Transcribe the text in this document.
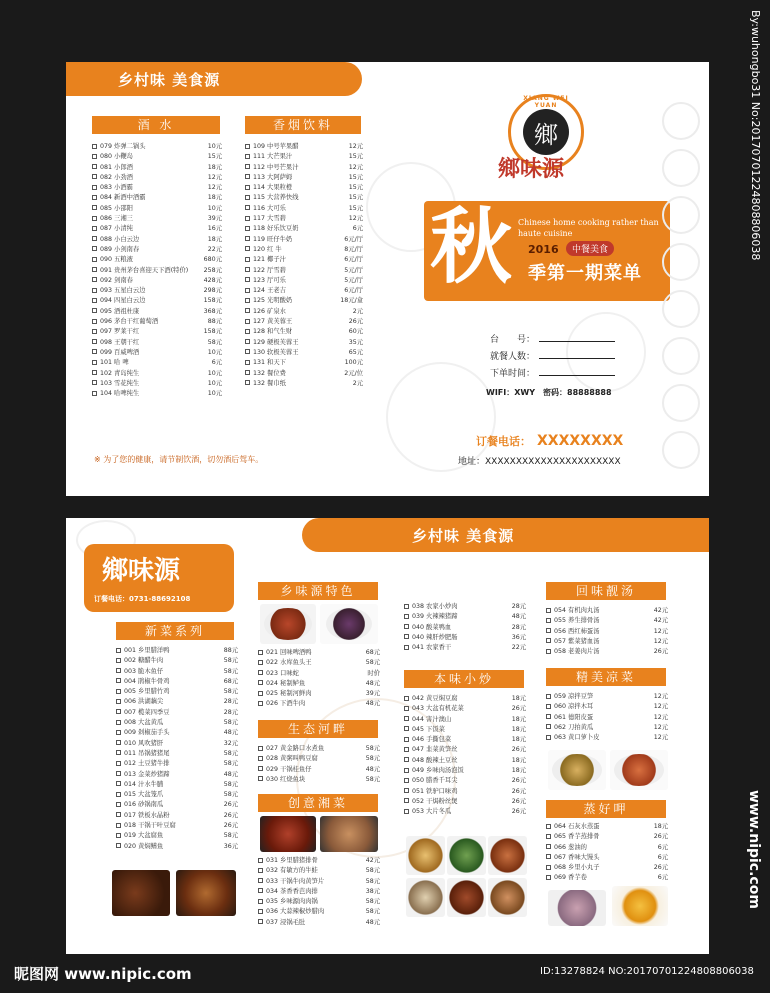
乡村味 美食源
酒 水
079 炸弹二锅头	10元
080 小鞭岛	15元
081 小郎酒	18元
082 小劲酒	12元
083 小酒霸	12元
084 新酒中酒霸	18元
085 小邵阳	10元
086 三湘三	39元
087 小清纯	16元
088 小白云边	18元
089 小剑南春	22元
090 五粮液	680元
091 贵州茅台喜迎天下酒(特价)	258元
092 剑南春	428元
093 五星白云边	298元
094 四星白云边	158元
095 酒祖杜康	368元
096 茅台干红葡萄酒	88元
097 罗莱干红	158元
098 王朝干红	58元
099 百威啤酒	10元
101 哈 啤	6元
102 青岛纯生	10元
103 雪花纯生	10元
104 哈啤纯生	10元
香烟饮料
109 中号苹果醋	12元
111 大芒果汁	15元
112 中号芒果汁	12元
113 大阿萨姆	15元
114 大果粒橙	15元
115 大营养快线	15元
116 大可乐	15元
117 大雪碧	12元
118 好乐饮豆奶	6元
119 旺仔牛奶	6元/厅
120 红 牛	8元/厅
121 椰子汁	6元/厅
122 厅雪碧	5元/厅
123 厅可乐	5元/厅
124 王老吉	6元/厅
125 光明酸奶	18元/盒
126 矿泉水	2元
127 黄芙蓉王	26元
128 和气生财	60元
129 硬极芙蓉王	35元
130 软极芙蓉王	65元
131 和天下	100元
132 餐位费	2元/位
132 餐巾纸	2元
※ 为了您的健康，请节制饮酒，切勿酒后驾车。
XIANG WEI YUAN
鄉
鄉味源
秋 Chinese home cooking rather than haute cuisine
2016	中餐美食
季第一期菜单
台　　号：
就餐人数：
下单时间：
WIFI：XWY　密码：88888888
订餐电话： XXXXXXXX
地址：XXXXXXXXXXXXXXXXXXXXXX
乡村味 美食源
鄉味源
订餐电话：0731-88692108
新菜系列
001 乡里腊洋鸭	88元
002 糖醋牛肉	58元
003 脆木鱼仔	58元
004 鹃椒牛骨鸡	68元
005 乡里腊竹鸡	58元
006 洪湖藕尖	28元
007 榄菜四季豆	28元
008 大盆黄瓜	58元
009 剁椒茄手头	48元
010 风吹猪肝	32元
011 吊锅猪猪尾	58元
012 土豆猪牛排	58元
013 金菜炒猪蹄	48元
014 汁水牛脯	58元
015 大盆笼爪	58元
016 砂锅南瓜	26元
017 铁板水晶粉	26元
018 干锅干叶豆腐	26元
019 大盆腐鱼	58元
020 黄焖鳝鱼	36元
乡味源特色
021 回味啤酒鸭	68元
022 水库鱼头王	58元
023 口味蛇	时价
024 秘制鲈鱼	48元
025 秘制河鲜肉	39元
026 下酒牛肉	48元
生态河畔
027 黄金路口水煮鱼	58元
028 黄粥叫鸭豆腐	58元
029 干锅桂鱼仔	48元
030 红烧鱼块	58元
创意湘菜
031 乡里腊猪排骨	42元
032 有敏方的牛蛙	58元
033 干锅牛肉黄笋片	58元
034 茶香香芭肉排	38元
035 乡味源肉肉锅	58元
036 大蒜辣椒炒腊肉	58元
037 浸锅毛肚	48元
038 农家小炒肉	28元
039 火辣辣猪蹄	48元
040 酸菜鸭血	28元
040 辣肝炒肥肠	36元
041 农家香干	22元
本味小炒
042 黄豆焖豆腐	18元
043 大盆有机花菜	26元
044 害汁澳山	18元
045 下饭菜	18元
046 手撕包菜	18元
047 韭菜黄笋丝	26元
048 酸辣土豆丝	18元
049 乡味肉汤泡饭	18元
050 腊香千耳尖	26元
051 铁驴口味鸡	26元
052 干焗粉丝煲	26元
053 大片冬瓜	26元
回味靓汤
054 有机肉丸汤	42元
055 养生排骨汤	42元
056 西红柿蛋汤	12元
057 紫菜猪血汤	12元
058 老姜肉片汤	26元
精美凉菜
059 凉拌豆笋	12元
060 凉拌木耳	12元
061 德阳皮蛋	12元
062 刀拍黄瓜	12元
063 黄口萝卜皮	12元
蒸好呷
064 石灰水蒸蛋	18元
065 香芋蒸排骨	26元
066 葱油的	6元
067 香味大馒头	6元
068 乡里小丸子	26元
069 香芋卷	6元
昵图网 www.nipic.com	ID:13278824 NO:20170701224808806038
By:wuhongbo31 No:20170701224808806038
www.nipic.com
